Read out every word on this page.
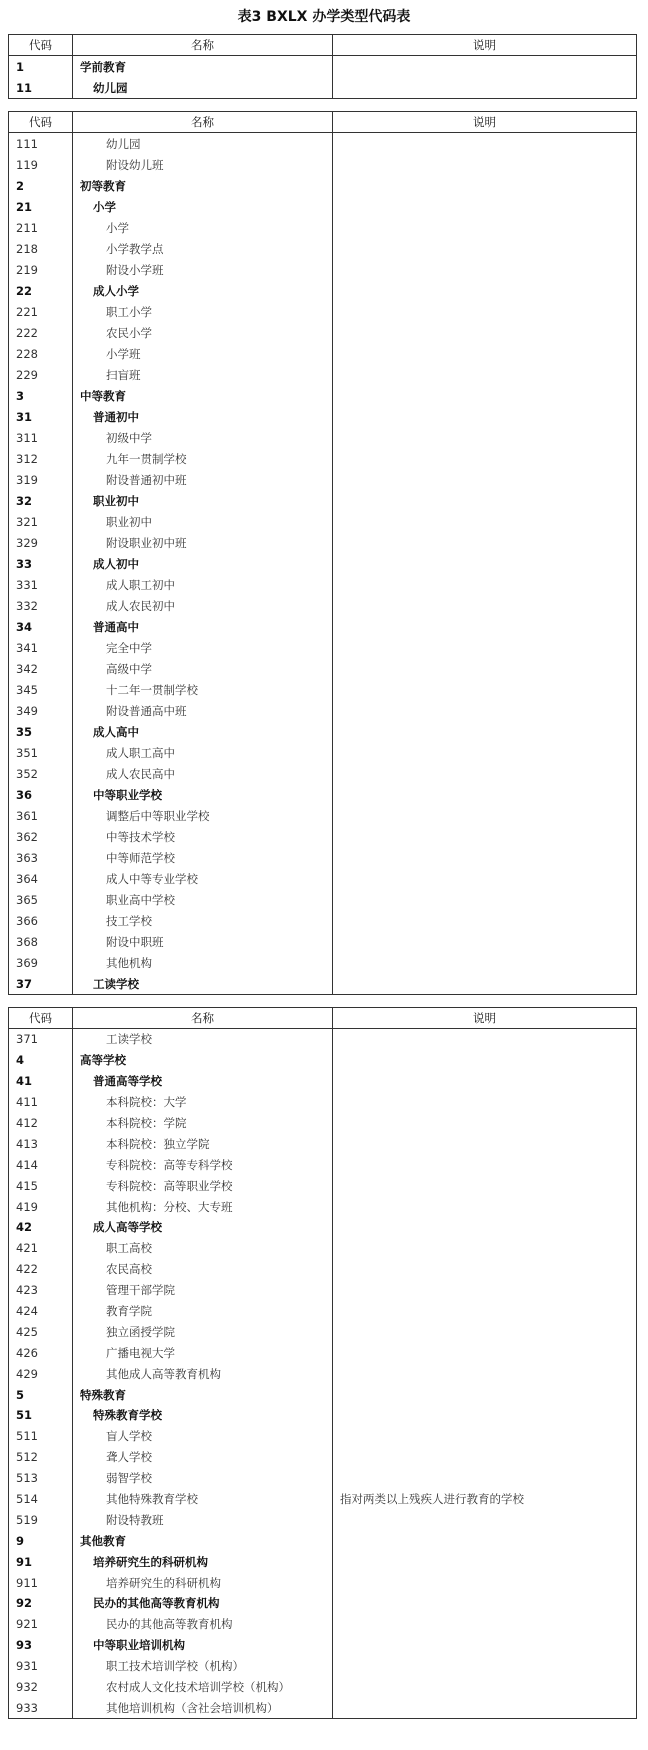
表3 BXLX 办学类型代码表
代码	名称	说明
1	学前教育	
11	幼儿园	
代码	名称	说明
111	幼儿园	
119	附设幼儿班	
2	初等教育	
21	小学	
211	小学	
218	小学教学点	
219	附设小学班	
22	成人小学	
221	职工小学	
222	农民小学	
228	小学班	
229	扫盲班	
3	中等教育	
31	普通初中	
311	初级中学	
312	九年一贯制学校	
319	附设普通初中班	
32	职业初中	
321	职业初中	
329	附设职业初中班	
33	成人初中	
331	成人职工初中	
332	成人农民初中	
34	普通高中	
341	完全中学	
342	高级中学	
345	十二年一贯制学校	
349	附设普通高中班	
35	成人高中	
351	成人职工高中	
352	成人农民高中	
36	中等职业学校	
361	调整后中等职业学校	
362	中等技术学校	
363	中等师范学校	
364	成人中等专业学校	
365	职业高中学校	
366	技工学校	
368	附设中职班	
369	其他机构	
37	工读学校	
代码	名称	说明
371	工读学校	
4	高等学校	
41	普通高等学校	
411	本科院校：大学	
412	本科院校：学院	
413	本科院校：独立学院	
414	专科院校：高等专科学校	
415	专科院校：高等职业学校	
419	其他机构：分校、大专班	
42	成人高等学校	
421	职工高校	
422	农民高校	
423	管理干部学院	
424	教育学院	
425	独立函授学院	
426	广播电视大学	
429	其他成人高等教育机构	
5	特殊教育	
51	特殊教育学校	
511	盲人学校	
512	聋人学校	
513	弱智学校	
514	其他特殊教育学校	指对两类以上残疾人进行教育的学校
519	附设特教班	
9	其他教育	
91	培养研究生的科研机构	
911	培养研究生的科研机构	
92	民办的其他高等教育机构	
921	民办的其他高等教育机构	
93	中等职业培训机构	
931	职工技术培训学校（机构）	
932	农村成人文化技术培训学校（机构）	
933	其他培训机构（含社会培训机构）	
